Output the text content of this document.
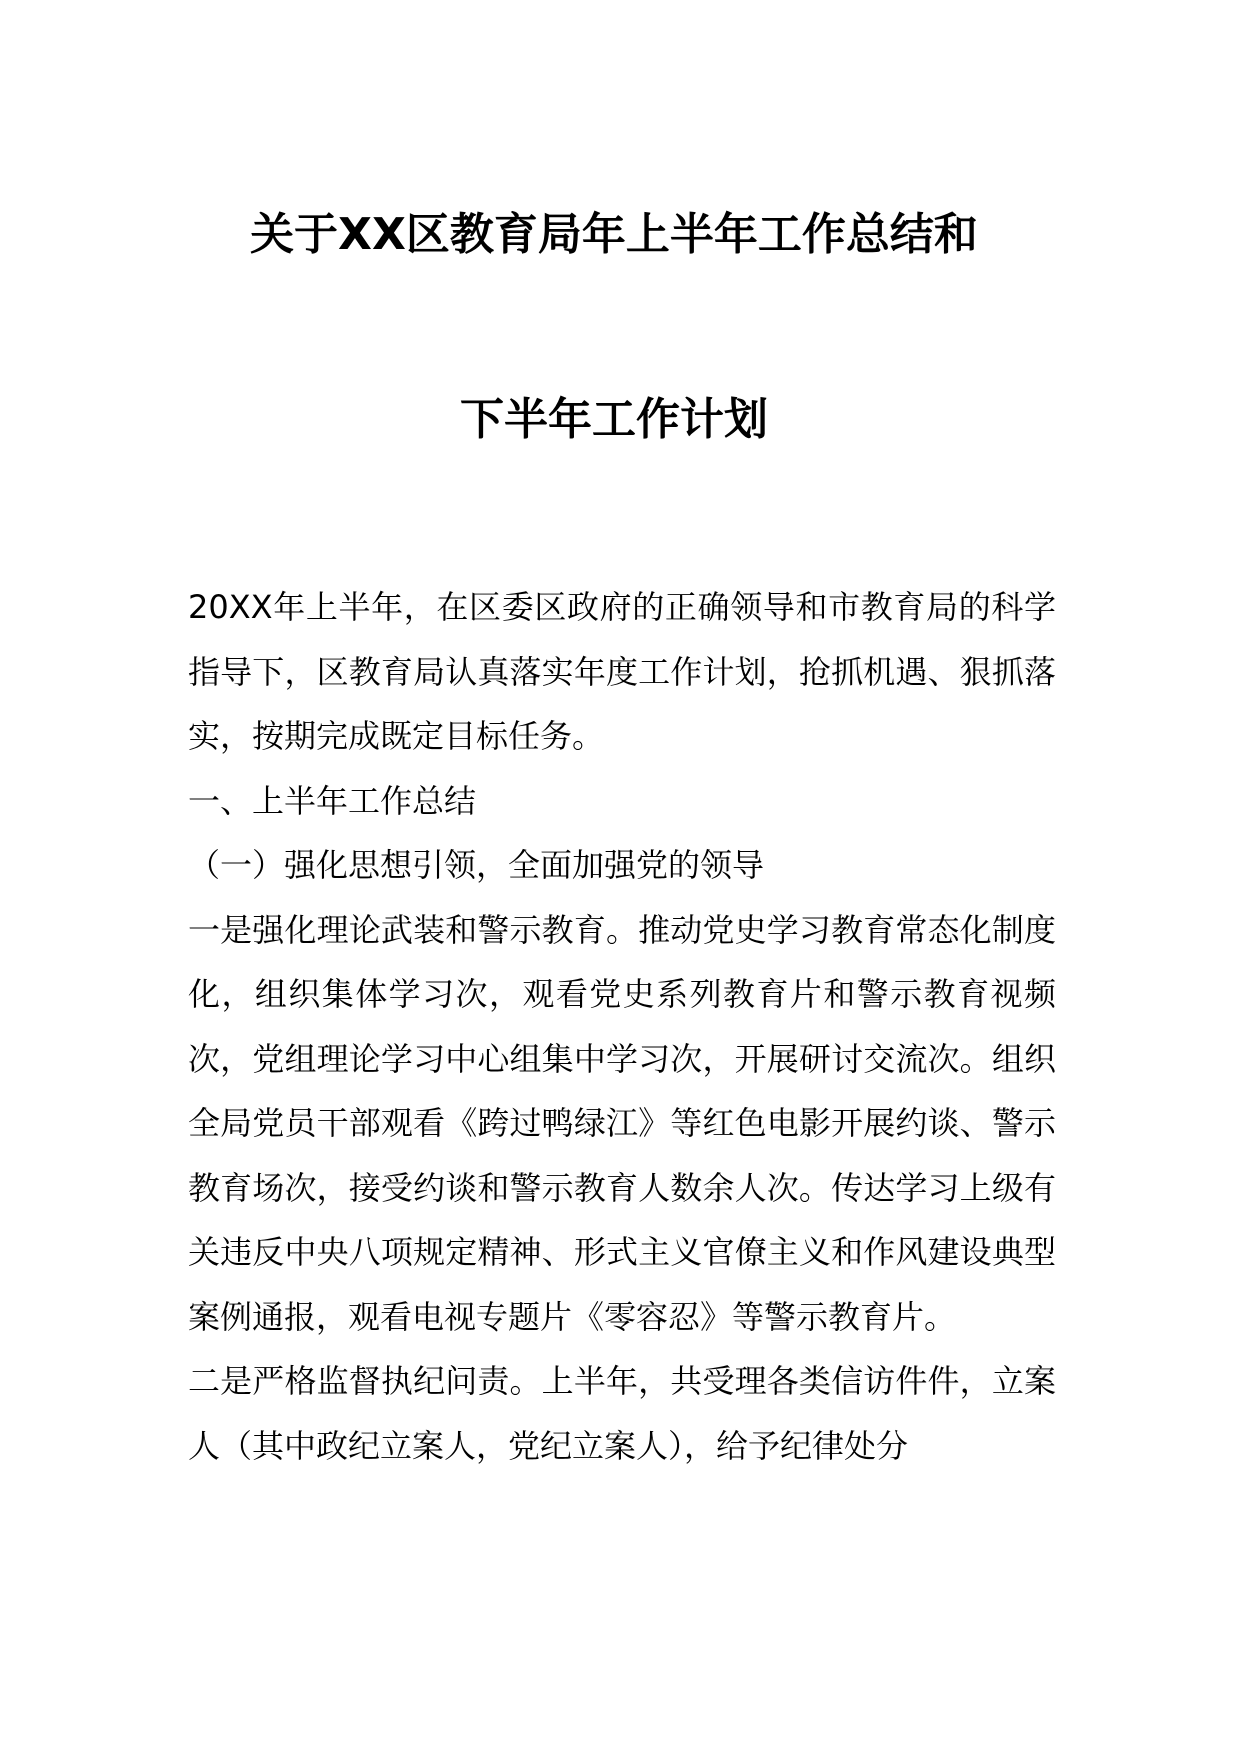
关于XX区教育局年上半年工作总结和
下半年工作计划

20XX年上半年，在区委区政府的正确领导和市教育局的科学指导下，区教育局认真落实年度工作计划，抢抓机遇、狠抓落实，按期完成既定目标任务。

一、上半年工作总结

（一）强化思想引领，全面加强党的领导

一是强化理论武装和警示教育。推动党史学习教育常态化制度化，组织集体学习次，观看党史系列教育片和警示教育视频次，党组理论学习中心组集中学习次，开展研讨交流次。组织全局党员干部观看《跨过鸭绿江》等红色电影开展约谈、警示教育场次，接受约谈和警示教育人数余人次。传达学习上级有关违反中央八项规定精神、形式主义官僚主义和作风建设典型案例通报，观看电视专题片《零容忍》等警示教育片。

二是严格监督执纪问责。上半年，共受理各类信访件件，立案人（其中政纪立案人，党纪立案人），给予纪律处分
